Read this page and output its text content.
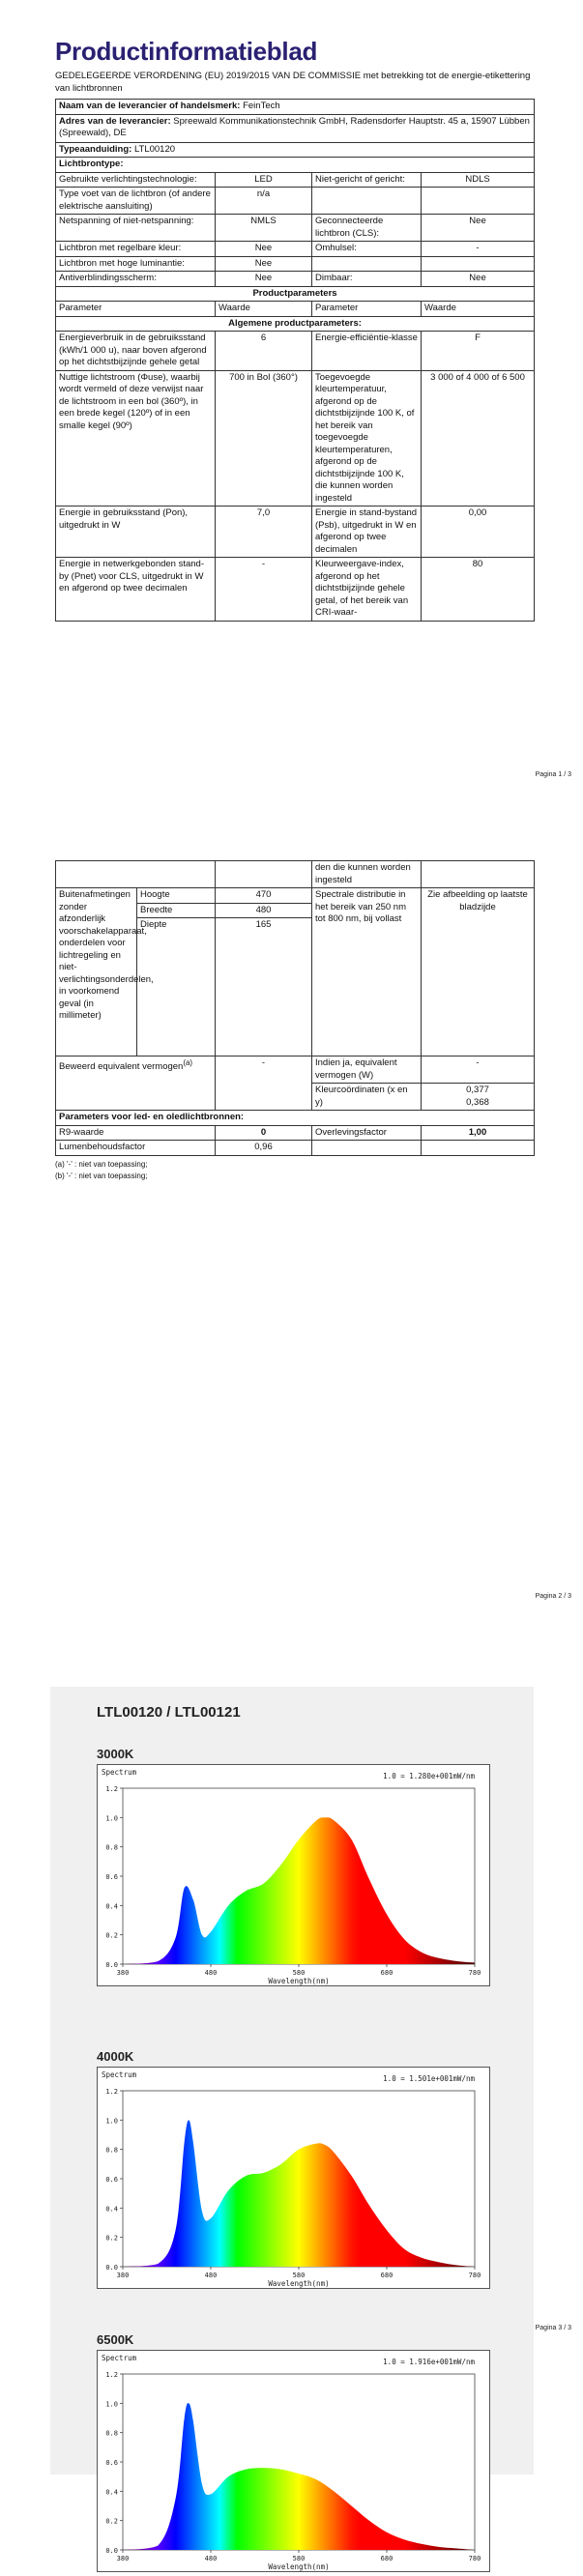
Productinformatieblad
GEDELEGEERDE VERORDENING (EU) 2019/2015 VAN DE COMMISSIE met betrekking tot de energie-etikettering van lichtbronnen
Naam van de leverancier of handelsmerk: FeinTech			
Adres van de leverancier: Spreewald Kommunikationstechnik GmbH, Radensdorfer Hauptstr. 45 a, 15907 Lübben (Spreewald), DE			
Typeaanduiding: LTL00120			
Lichtbrontype:			
Gebruikte verlichtingstechnologie:	LED	Niet-gericht of gericht:	NDLS
Type voet van de lichtbron (of andere elektrische aansluiting)	n/a		
Netspanning of niet-netspanning:	NMLS	Geconnecteerde lichtbron (CLS):	Nee
Lichtbron met regelbare kleur:	Nee	Omhulsel:	-
Lichtbron met hoge luminantie:	Nee		
Antiverblindingsscherm:	Nee	Dimbaar:	Nee
Productparameters			
Parameter	Waarde	Parameter	Waarde
Algemene productparameters:			
Energieverbruik in de gebruiksstand (kWh/1 000 u), naar boven afgerond op het dichtstbijzijnde gehele getal	6	Energie-efficiëntie-klasse	F
Nuttige lichtstroom (Φuse), waarbij wordt vermeld of deze verwijst naar de lichtstroom in een bol (360º), in een brede kegel (120º) of in een smalle kegel (90º)	700 in Bol (360°)	Toegevoegde kleurtemperatuur, afgerond op de dichtstbijzijnde 100 K, of het bereik van toegevoegde kleurtemperaturen, afgerond op de dichtstbijzijnde 100 K, die kunnen worden ingesteld	3 000 of 4 000 of 6 500
Energie in gebruiksstand (Pon), uitgedrukt in W	7,0	Energie in stand-bystand (Psb), uitgedrukt in W en afgerond op twee decimalen	0,00
Energie in netwerkgebonden stand-by (Pnet) voor CLS, uitgedrukt in W en afgerond op twee decimalen	-	Kleurweergave-index, afgerond op het dichtstbijzijnde gehele getal, of het bereik van CRI-waar-	80
Pagina 1 / 3
			den die kunnen worden ingesteld	
Buitenafmetingen zonder afzonderlijk voorschakelapparaat, onderdelen voor lichtregeling en niet-verlichtingsonderdelen, in voorkomend geval (in millimeter)	Hoogte	470	Spectrale distributie in het bereik van 250 nm tot 800 nm, bij vollast	Zie afbeelding op laatste bladzijde
	Breedte	480		
	Diepte	165		
Beweerd equivalent vermogen$^{(a)}$		-	Indien ja, equivalent vermogen (W)	-
			Kleurcoördinaten (x en y)	0,377
0,368

Parameters voor led- en oledlichtbronnen:				
R9-waarde		0	Overlevingsfactor	1,00
Lumenbehoudsfactor		0,96		
(a) '-' : niet van toepassing;
(b) '-' : niet van toepassing;
Pagina 2 / 3
LTL00120 / LTL00121
3000K
0.0
0.2
0.4
0.6
0.8
1.0
1.2
380	480	580	680	780
Spectrum	1.0 = 1.280e+001mW/nm
Wavelength(nm)
4000K
0.0
0.2
0.4
0.6
0.8
1.0
1.2
380	480	580	680	780
Spectrum	1.0 = 1.501e+001mW/nm
Wavelength(nm)
6500K
0.0
0.2
0.4
0.6
0.8
1.0
1.2
380	480	580	680	780
Spectrum	1.0 = 1.916e+001mW/nm
Wavelength(nm)
Pagina 3 / 3
